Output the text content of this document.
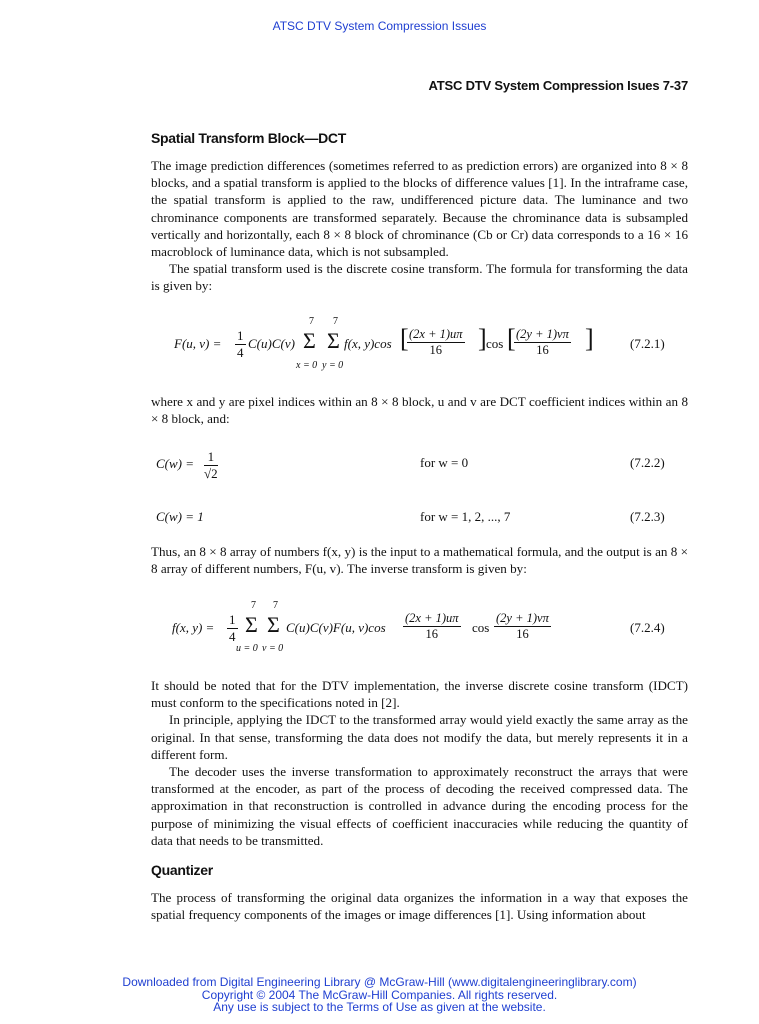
ATSC DTV System Compression Issues
ATSC DTV System Compression Isues 7-37
Spatial Transform Block—DCT

The image prediction differences (sometimes referred to as prediction errors) are organized into 8 × 8 blocks, and a spatial transform is applied to the blocks of difference values [1]. In the intraframe case, the spatial transform is applied to the raw, undifferenced picture data. The luminance and two chrominance components are transformed separately. Because the chrominance data is subsampled vertically and horizontally, each 8 × 8 block of chrominance (Cb or Cr) data corresponds to a 16 × 16 macroblock of luminance data, which is not subsampled.

The spatial transform used is the discrete cosine transform. The formula for transforming the data is given by:

F(u, $v) = \frac{1}{4} C(u)C(v)$
7
Σ
x = 0
7
Σ
y = 0
f(x, y)cos [
$\frac{(2x + 1)u\pi}{16}$ ] cos [
$\frac{(2y + 1)v\pi}{16}$ ]	(7.2.1)
where x and y are pixel indices within an 8 × 8 block, u and v are DCT coefficient indices within an 8 × 8 block, and:
$C(w) = \frac{1}{√2}$	for w = 0	(7.2.2)
C(w) = 1	for w = 1, 2, ..., 7	(7.2.3)
Thus, an 8 × 8 array of numbers f(x, y) is the input to a mathematical formula, and the output is an 8 × 8 array of different numbers, F(u, v). The inverse transform is given by:
f(x, $y) = \frac{1}{4}$
7
Σ
u = 0
7
Σ
v = 0
C(u)C(v)F(u, $v)\cos \frac{(2x + 1)u\pi}{16}$ $\cos \frac{(2y + 1)v\pi}{16}$	(7.2.4)

It should be noted that for the DTV implementation, the inverse discrete cosine transform (IDCT) must conform to the specifications noted in [2].

In principle, applying the IDCT to the transformed array would yield exactly the same array as the original. In that sense, transforming the data does not modify the data, but merely represents it in a different form.

The decoder uses the inverse transformation to approximately reconstruct the arrays that were transformed at the encoder, as part of the process of decoding the received compressed data. The approximation in that reconstruction is controlled in advance during the encoding process for the purpose of minimizing the visual effects of coefficient inaccuracies while reducing the quantity of data that needs to be transmitted.

Quantizer
The process of transforming the original data organizes the information in a way that exposes the spatial frequency components of the images or image differences [1]. Using information about
Downloaded from Digital Engineering Library @ McGraw-Hill (www.digitalengineeringlibrary.com)
Copyright © 2004 The McGraw-Hill Companies. All rights reserved.
Any use is subject to the Terms of Use as given at the website.
